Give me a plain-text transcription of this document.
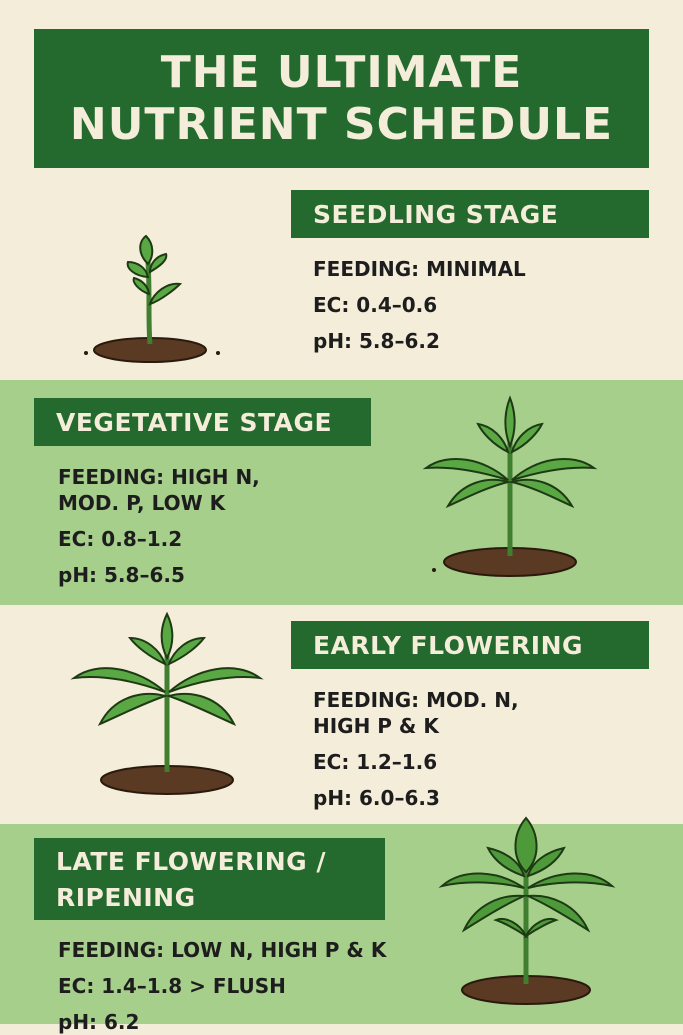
THE ULTIMATE
NUTRIENT SCHEDULE
SEEDLING STAGE
FEEDING: MINIMAL
EC: 0.4–0.6
pH: 5.8–6.2
VEGETATIVE STAGE
FEEDING: HIGH N,
MOD. P, LOW K
EC: 0.8–1.2
pH: 5.8–6.5
EARLY FLOWERING
FEEDING: MOD. N,
HIGH P & K
EC: 1.2–1.6
pH: 6.0–6.3
LATE FLOWERING /
RIPENING
FEEDING: LOW N, HIGH P & K
EC: 1.4–1.8 > FLUSH
pH: 6.2
